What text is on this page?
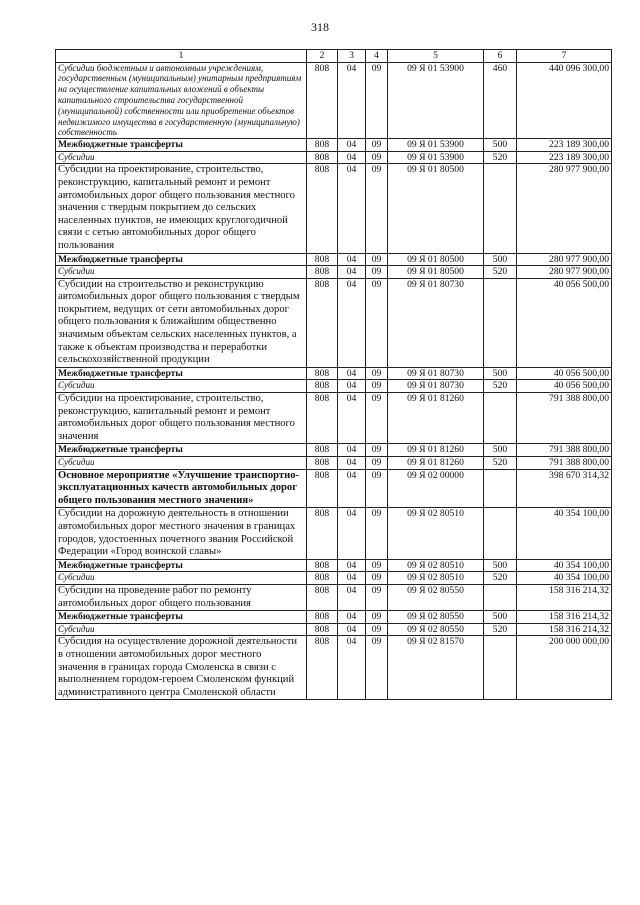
318
1	2	3	4	5	6	7
Субсидии бюджетным и автономным учреждениям, государственным (муниципальным) унитарным предприятиям на осуществление капитальных вложений в объекты капитального строительства государственной (муниципальной) собственности или приобретение объектов недвижимого имущества в государственную (муниципальную) собственность	808	04	09	09 Я 01 53900	460	440 096 300,00
Межбюджетные трансферты	808	04	09	09 Я 01 53900	500	223 189 300,00
Субсидии	808	04	09	09 Я 01 53900	520	223 189 300,00
Субсидии на проектирование, строительство, реконструкцию, капитальный ремонт и ремонт автомобильных дорог общего пользования местного значения с твердым покрытием до сельских населенных пунктов, не имеющих круглогодичной связи с сетью автомобильных дорог общего пользования	808	04	09	09 Я 01 80500		280 977 900,00
Межбюджетные трансферты	808	04	09	09 Я 01 80500	500	280 977 900,00
Субсидии	808	04	09	09 Я 01 80500	520	280 977 900,00
Субсидии на строительство и реконструкцию автомобильных дорог общего пользования с твердым покрытием, ведущих от сети автомобильных дорог общего пользования к ближайшим общественно значимым объектам сельских населенных пунктов, а также к объектам производства и переработки сельскохозяйственной продукции	808	04	09	09 Я 01 80730		40 056 500,00
Межбюджетные трансферты	808	04	09	09 Я 01 80730	500	40 056 500,00
Субсидии	808	04	09	09 Я 01 80730	520	40 056 500,00
Субсидии на проектирование, строительство, реконструкцию, капитальный ремонт и ремонт автомобильных дорог общего пользования местного значения	808	04	09	09 Я 01 81260		791 388 800,00
Межбюджетные трансферты	808	04	09	09 Я 01 81260	500	791 388 800,00
Субсидии	808	04	09	09 Я 01 81260	520	791 388 800,00
Основное мероприятие «Улучшение транспортно-эксплуатационных качеств автомобильных дорог общего пользования местного значения»	808	04	09	09 Я 02 00000		398 670 314,32
Субсидии на дорожную деятельность в отношении автомобильных дорог местного значения в границах городов, удостоенных почетного звания Российской Федерации «Город воинской славы»	808	04	09	09 Я 02 80510		40 354 100,00
Межбюджетные трансферты	808	04	09	09 Я 02 80510	500	40 354 100,00
Субсидии	808	04	09	09 Я 02 80510	520	40 354 100,00
Субсидии на проведение работ по ремонту автомобильных дорог общего пользования	808	04	09	09 Я 02 80550		158 316 214,32
Межбюджетные трансферты	808	04	09	09 Я 02 80550	500	158 316 214,32
Субсидии	808	04	09	09 Я 02 80550	520	158 316 214,32
Субсидия на осуществление дорожной деятельности в отношении автомобильных дорог местного значения в границах города Смоленска в связи с выполнением городом-героем Смоленском функций административного центра Смоленской области	808	04	09	09 Я 02 81570		200 000 000,00
